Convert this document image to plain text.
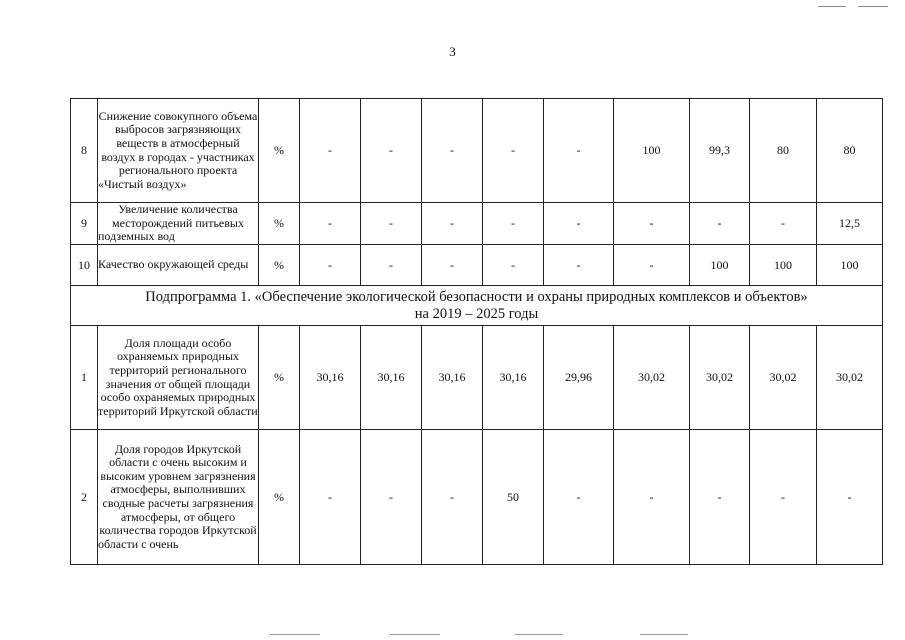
3
8	Снижение совокупного объема выбросов загрязняющих веществ в атмосферный воздух в городах - участниках регионального проекта «Чистый воздух»	%	-	-	-	-	-	100	99,3	80	80
9	Увеличение количества месторождений питьевых подземных вод	%	-	-	-	-	-	-	-	-	12,5
10	Качество окружающей среды	%	-	-	-	-	-	-	100	100	100

Подпрограмма 1. «Обеспечение экологической безопасности и охраны природных комплексов и объектов»
на 2019 – 2025 годы											

1	Доля площади особо охраняемых природных территорий регионального значения от общей площади особо охраняемых природных территорий Иркутской области	%	30,16	30,16	30,16	30,16	29,96	30,02	30,02	30,02	30,02
2	Доля городов Иркутской области с очень высоким и высоким уровнем загрязнения атмосферы, выполнивших сводные расчеты загрязнения атмосферы, от общего количества городов Иркутской области с очень	%	-	-	-	50	-	-	-	-	-
